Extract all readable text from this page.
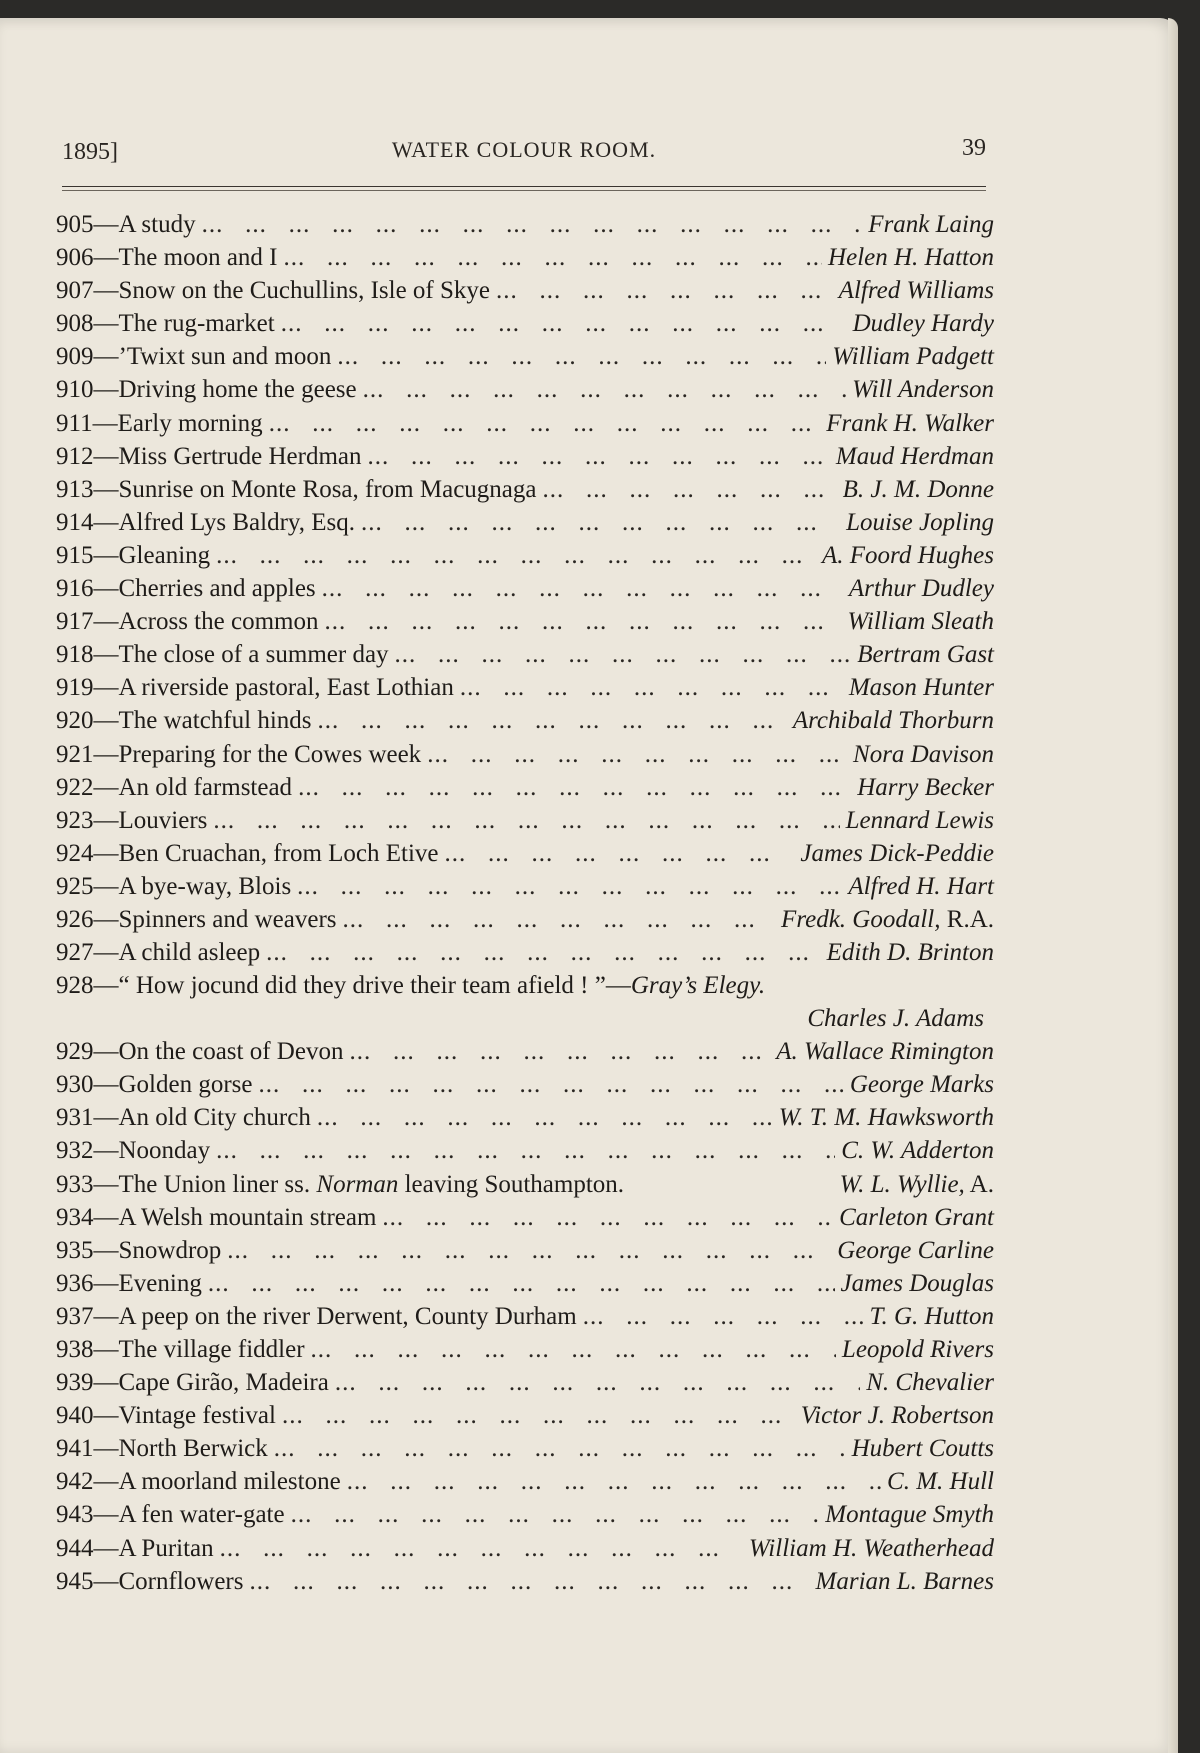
1895]	WATER COLOUR ROOM.	39
905 — A study ...	Frank Laing
906 — The moon and I ...	Helen H. Hatton
907 — Snow on the Cuchullins, Isle of Skye ...	Alfred Williams
908 — The rug-market ...	Dudley Hardy
909 — ’Twixt sun and moon ...	William Padgett
910 — Driving home the geese ...	Will Anderson
911 — Early morning ...	Frank H. Walker
912 — Miss Gertrude Herdman ...	Maud Herdman
913 — Sunrise on Monte Rosa, from Macugnaga ...	B. J. M. Donne
914 — Alfred Lys Baldry, Esq. ...	Louise Jopling
915 — Gleaning ...	A. Foord Hughes
916 — Cherries and apples ...	Arthur Dudley
917 — Across the common ...	William Sleath
918 — The close of a summer day ...	Bertram Gast
919 — A riverside pastoral, East Lothian ...	Mason Hunter
920 — The watchful hinds ...	Archibald Thorburn
921 — Preparing for the Cowes week ...	Nora Davison
922 — An old farmstead ...	Harry Becker
923 — Louviers ...	Lennard Lewis
924 — Ben Cruachan, from Loch Etive ...	James Dick-Peddie
925 — A bye-way, Blois ...	Alfred H. Hart
926 — Spinners and weavers ...	Fredk. Goodall, R.A.
927 — A child asleep ...	Edith D. Brinton
928 — “ How jocund did they drive their team afield ! ”—Gray’s Elegy.
Charles J. Adams
929 — On the coast of Devon ...	A. Wallace Rimington
930 — Golden gorse ...	George Marks
931 — An old City church ...	W. T. M. Hawksworth
932 — Noonday ...	C. W. Adderton
933 — The Union liner ss. Norman leaving Southampton.	W. L. Wyllie, A.
934 — A Welsh mountain stream ...	Carleton Grant
935 — Snowdrop ...	George Carline
936 — Evening ...	James Douglas
937 — A peep on the river Derwent, County Durham ...	T. G. Hutton
938 — The village fiddler ...	Leopold Rivers
939 — Cape Girão, Madeira ...	N. Chevalier
940 — Vintage festival ...	Victor J. Robertson
941 — North Berwick ...	Hubert Coutts
942 — A moorland milestone ...	C. M. Hull
943 — A fen water-gate ...	Montague Smyth
944 — A Puritan ...	William H. Weatherhead
945 — Cornflowers ...	Marian L. Barnes
